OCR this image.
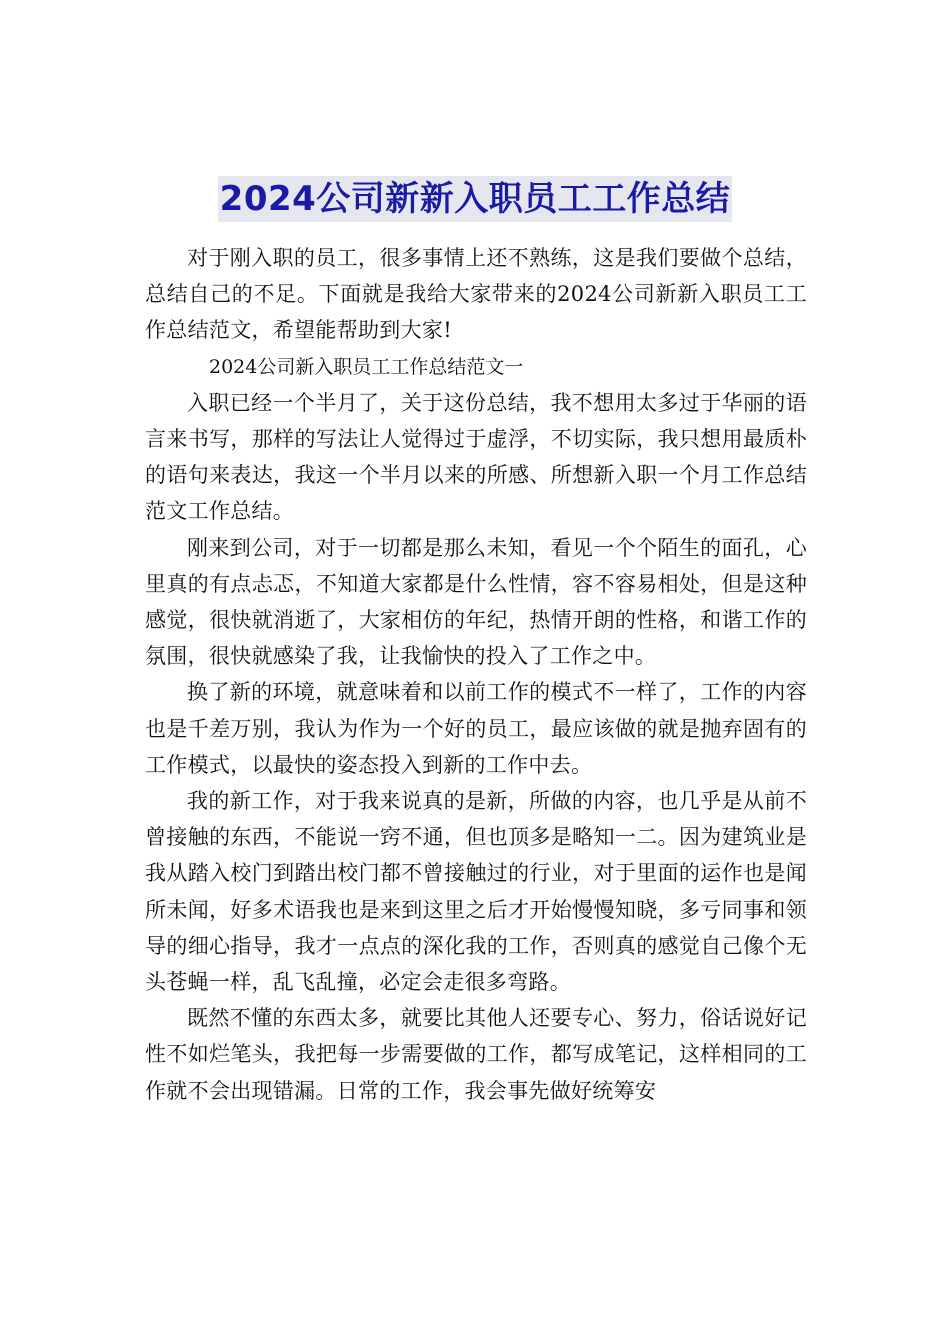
2024公司新新入职员工工作总结

对于刚入职的员工，很多事情上还不熟练，这是我们要做个总结，总结自己的不足。下面就是我给大家带来的2024公司新新入职员工工作总结范文，希望能帮助到大家!

2024公司新入职员工工作总结范文一

入职已经一个半月了，关于这份总结，我不想用太多过于华丽的语言来书写，那样的写法让人觉得过于虚浮，不切实际，我只想用最质朴的语句来表达，我这一个半月以来的所感、所想新入职一个月工作总结范文工作总结。

刚来到公司，对于一切都是那么未知，看见一个个陌生的面孔，心里真的有点忐忑，不知道大家都是什么性情，容不容易相处，但是这种感觉，很快就消逝了，大家相仿的年纪，热情开朗的性格，和谐工作的氛围，很快就感染了我，让我愉快的投入了工作之中。

换了新的环境，就意味着和以前工作的模式不一样了，工作的内容也是千差万别，我认为作为一个好的员工，最应该做的就是抛弃固有的工作模式，以最快的姿态投入到新的工作中去。

我的新工作，对于我来说真的是新，所做的内容，也几乎是从前不曾接触的东西，不能说一窍不通，但也顶多是略知一二。因为建筑业是我从踏入校门到踏出校门都不曾接触过的行业，对于里面的运作也是闻所未闻，好多术语我也是来到这里之后才开始慢慢知晓，多亏同事和领导的细心指导，我才一点点的深化我的工作，否则真的感觉自己像个无头苍蝇一样，乱飞乱撞，必定会走很多弯路。

既然不懂的东西太多，就要比其他人还要专心、努力，俗话说好记性不如烂笔头，我把每一步需要做的工作，都写成笔记，这样相同的工作就不会出现错漏。日常的工作，我会事先做好统筹安
